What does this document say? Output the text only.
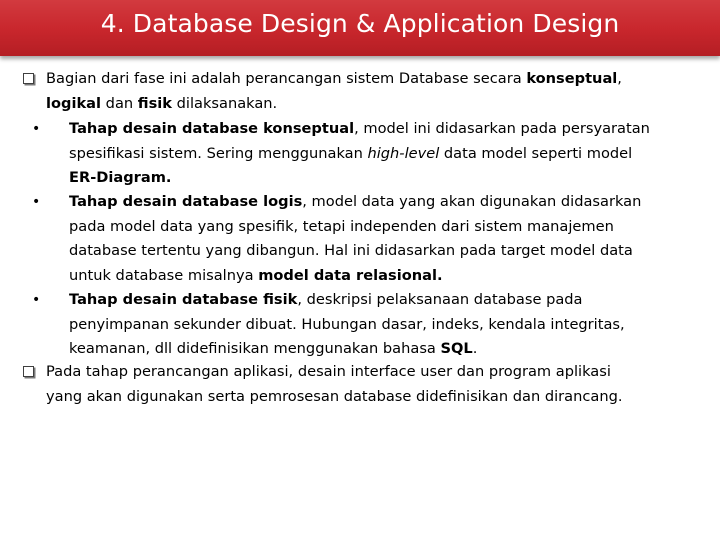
4. Database Design & Application Design
Bagian dari fase ini adalah perancangan sistem Database secara konseptual,
logikal dan fisik dilaksanakan.
• Tahap desain database konseptual, model ini didasarkan pada persyaratan
spesifikasi sistem. Sering menggunakan high-level data model seperti model
ER-Diagram.
• Tahap desain database logis, model data yang akan digunakan didasarkan
pada model data yang spesifik, tetapi independen dari sistem manajemen
database tertentu yang dibangun. Hal ini didasarkan pada target model data
untuk database misalnya model data relasional.
• Tahap desain database fisik, deskripsi pelaksanaan database pada
penyimpanan sekunder dibuat. Hubungan dasar, indeks, kendala integritas,
keamanan, dll didefinisikan menggunakan bahasa SQL.
Pada tahap perancangan aplikasi, desain interface user dan program aplikasi
yang akan digunakan serta pemrosesan database didefinisikan dan dirancang.
